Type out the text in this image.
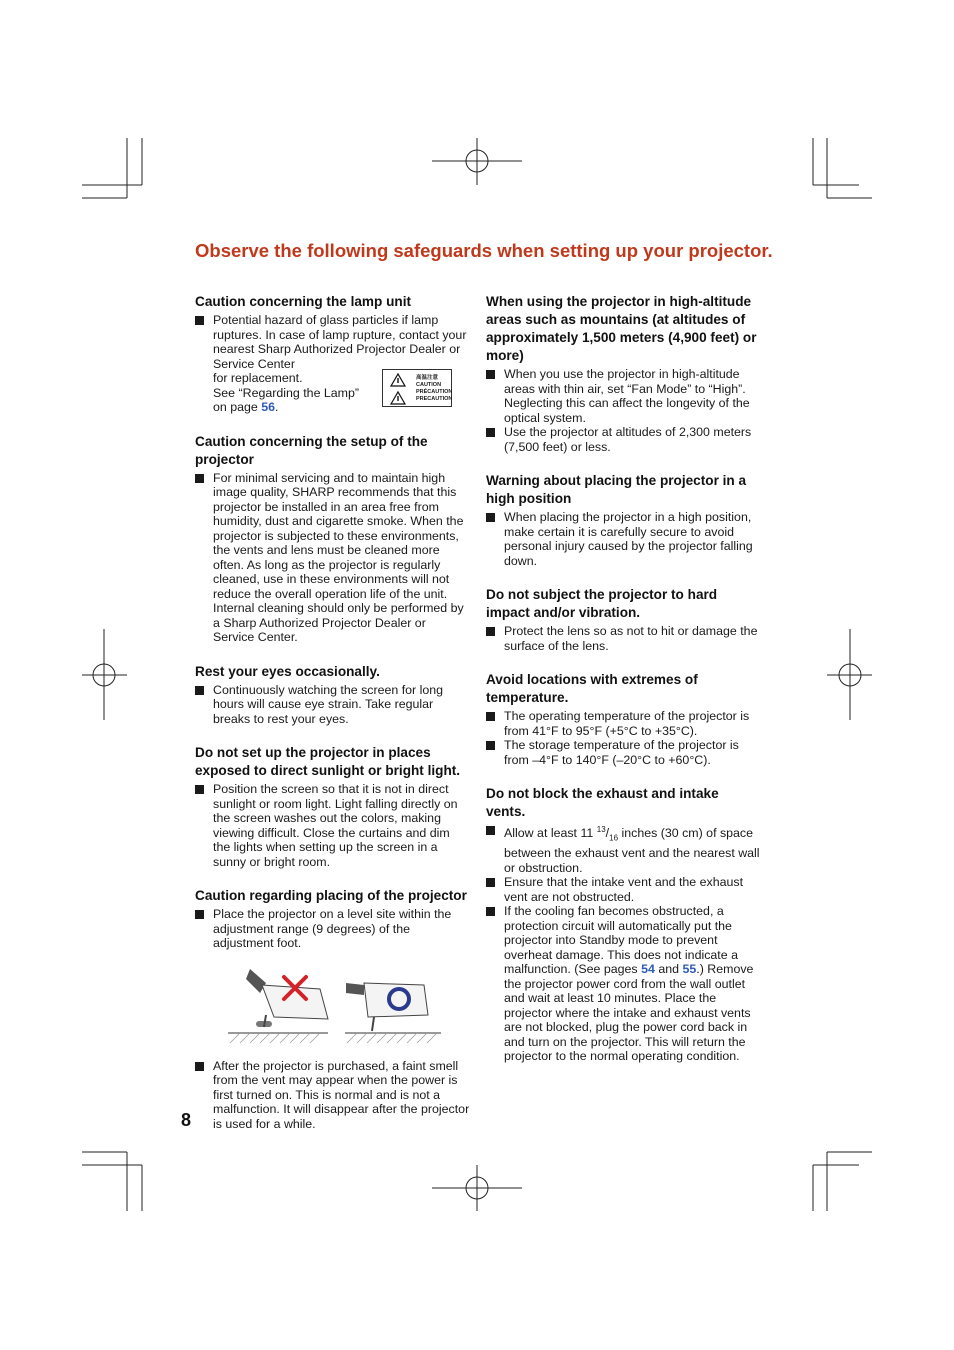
Observe the following safeguards when setting up your projector.
Caution concerning the lamp unit
Potential hazard of glass particles if lamp ruptures. In case of lamp rupture, contact your nearest Sharp Authorized Projector Dealer or Service Center
for replacement.
See “Regarding the Lamp”
on page 56.
高温注意
CAUTION
PRÉCAUTION
PRECAUTION
Caution concerning the setup of the projector
For minimal servicing and to maintain high image quality, SHARP recommends that this projector be installed in an area free from humidity, dust and cigarette smoke. When the projector is subjected to these environments, the vents and lens must be cleaned more often. As long as the projector is regularly cleaned, use in these environments will not reduce the overall operation life of the unit. Internal cleaning should only be performed by a Sharp Authorized Projector Dealer or Service Center.
Rest your eyes occasionally.
Continuously watching the screen for long hours will cause eye strain. Take regular breaks to rest your eyes.
Do not set up the projector in places exposed to direct sunlight or bright light.
Position the screen so that it is not in direct sunlight or room light. Light falling directly on the screen washes out the colors, making viewing difficult. Close the curtains and dim the lights when setting up the screen in a sunny or bright room.
Caution regarding placing of the projector
Place the projector on a level site within the adjustment range (9 degrees) of the adjustment foot.
After the projector is purchased, a faint smell from the vent may appear when the power is first turned on. This is normal and is not a malfunction. It will disappear after the projector is used for a while.
When using the projector in high-altitude areas such as mountains (at altitudes of approximately 1,500 meters (4,900 feet) or more)
When you use the projector in high-altitude areas with thin air, set “Fan Mode” to “High”. Neglecting this can affect the longevity of the optical system.
Use the projector at altitudes of 2,300 meters (7,500 feet) or less.
Warning about placing the projector in a high position
When placing the projector in a high position, make certain it is carefully secure to avoid personal injury caused by the projector falling down.
Do not subject the projector to hard impact and/or vibration.
Protect the lens so as not to hit or damage the surface of the lens.
Avoid locations with extremes of temperature.
The operating temperature of the projector is from 41°F to 95°F (+5°C to +35°C).
The storage temperature of the projector is from –4°F to 140°F (–20°C to +60°C).
Do not block the exhaust and intake vents.
Allow at least 11 $^{13}/_{16}$ inches (30 cm) of space between the exhaust vent and the nearest wall or obstruction.
Ensure that the intake vent and the exhaust vent are not obstructed.
If the cooling fan becomes obstructed, a protection circuit will automatically put the projector into Standby mode to prevent overheat damage. This does not indicate a malfunction. (See pages 54 and 55.) Remove the projector power cord from the wall outlet and wait at least 10 minutes. Place the projector where the intake and exhaust vents are not blocked, plug the power cord back in and turn on the projector. This will return the projector to the normal operating condition.

8
